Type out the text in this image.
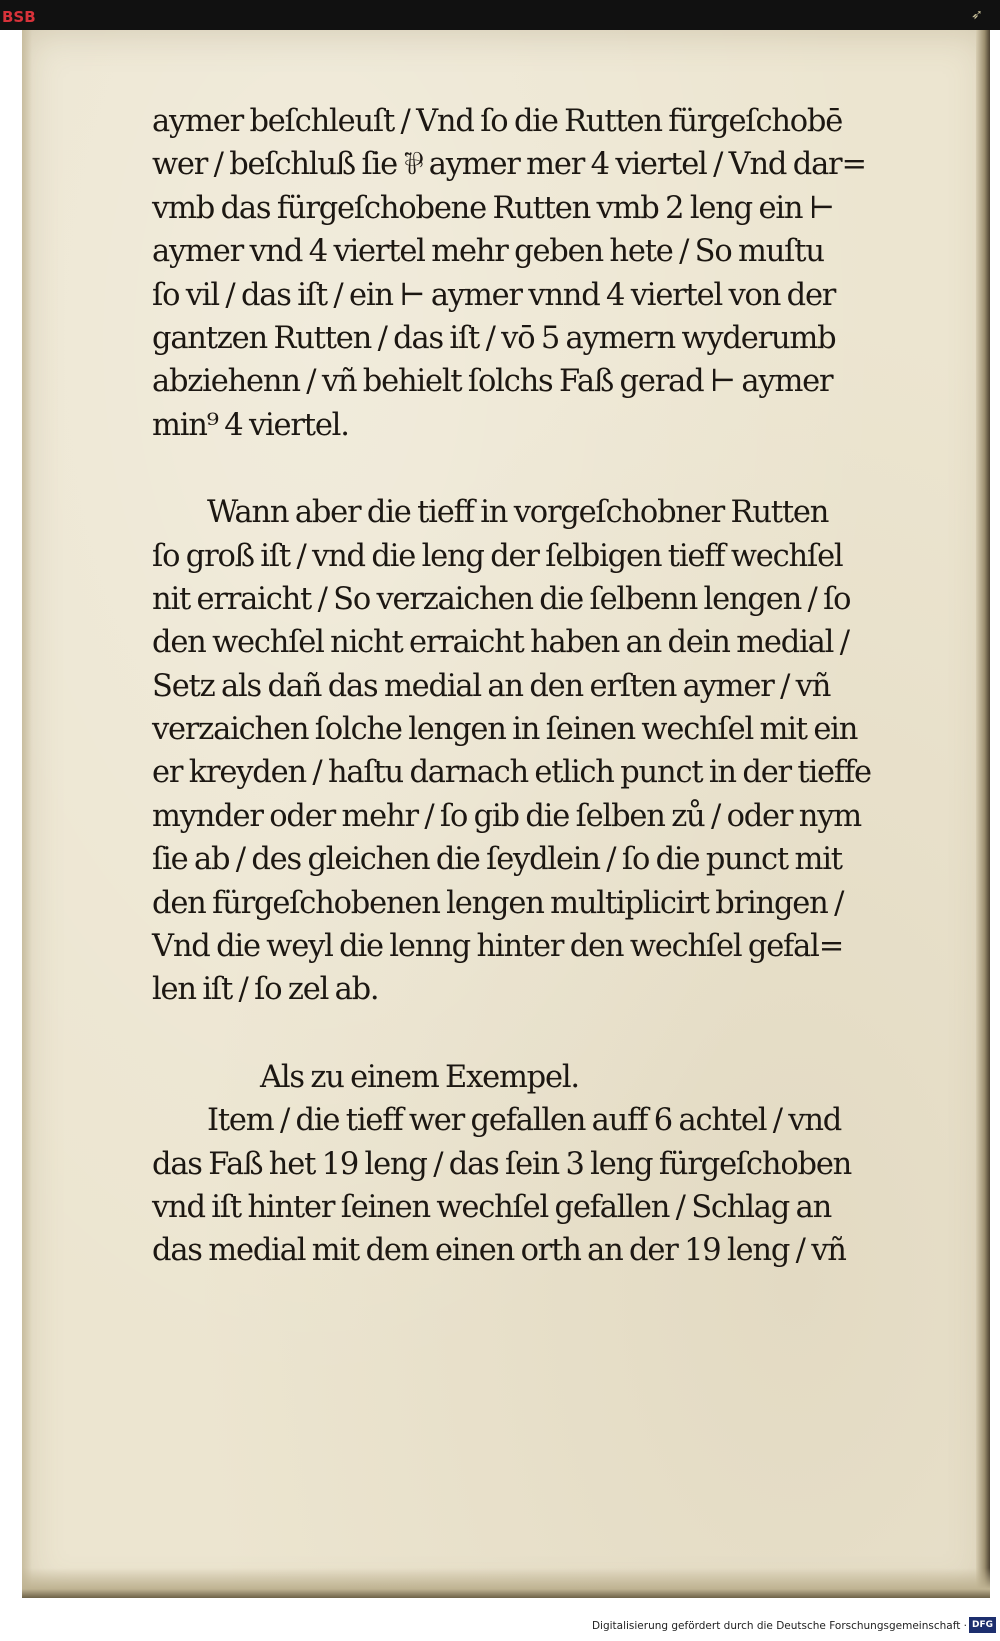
BSB	➶
aymer beſchleuſt / Vnd ſo die Rutten fürgeſchobē
wer / beſchluß ſie ⅌ aymer mer 4 viertel / Vnd dar=
vmb das fürgeſchobene Rutten vmb 2 leng ein ⊢
aymer vnd 4 viertel mehr geben hete / So muſtu
ſo vil / das iſt / ein ⊢ aymer vnnd 4 viertel von der
gantzen Rutten / das iſt / vō 5 aymern wyderumb
abziehenn / vñ behielt ſolchs Faß gerad ⊢ aymer
min⁹ 4 viertel.
Wann aber die tieff in vorgeſchobner Rutten
ſo groß iſt / vnd die leng der ſelbigen tieff wechſel
nit erraicht / So verzaichen die ſelbenn lengen / ſo
den wechſel nicht erraicht haben an dein medial /
Setz als dañ das medial an den erſten aymer / vñ
verzaichen ſolche lengen in ſeinen wechſel mit ein
er kreyden / haſtu darnach etlich punct in der tieffe
mynder oder mehr / ſo gib die ſelben zů / oder nym
ſie ab / des gleichen die ſeydlein / ſo die punct mit
den fürgeſchobenen lengen multiplicirt bringen /
Vnd die weyl die lenng hinter den wechſel gefal=
len iſt / ſo zel ab.
Als zu einem Exempel.
Item / die tieff wer gefallen auff 6 achtel / vnd
das Faß het 19 leng / das ſein 3 leng fürgeſchoben
vnd iſt hinter ſeinen wechſel gefallen / Schlag an
das medial mit dem einen orth an der 19 leng / vñ
Digitalisierung gefördert durch die Deutsche Forschungsgemeinschaft · DFG
